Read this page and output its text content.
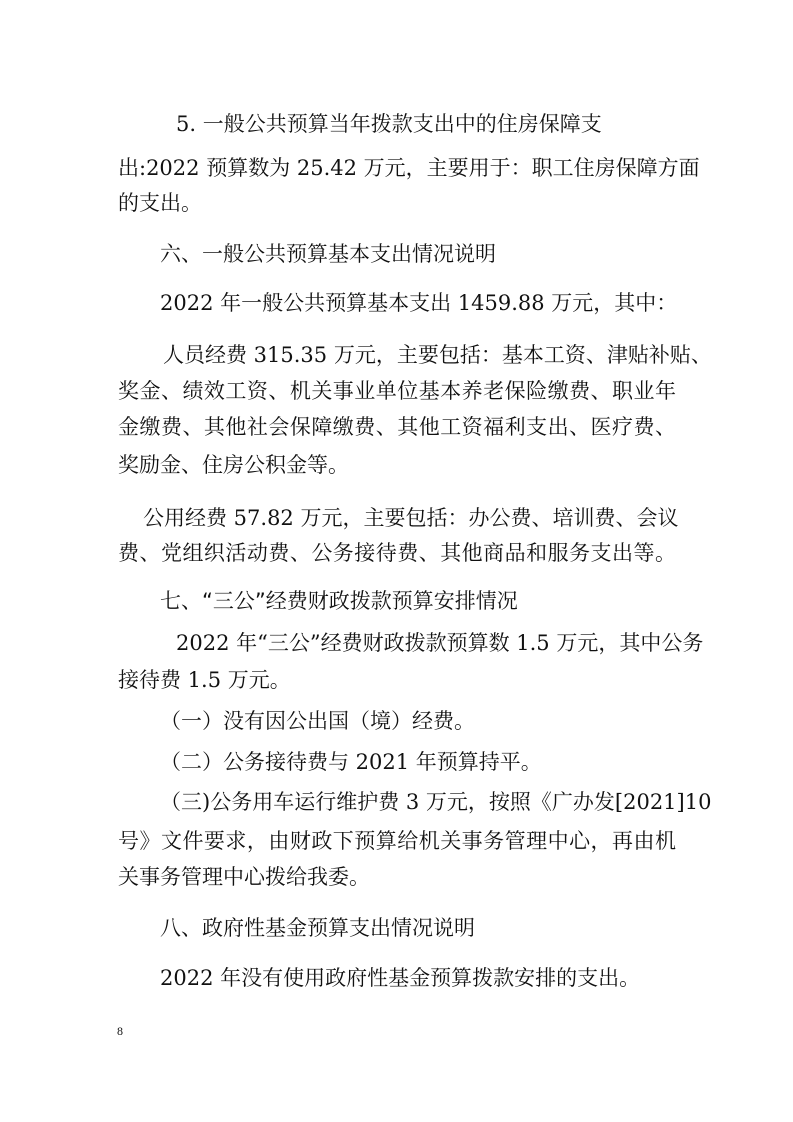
5. 一般公共预算当年拨款支出中的住房保障支
出:2022 预算数为 25.42 万元，主要用于：职工住房保障方面
的支出。
六、一般公共预算基本支出情况说明
2022 年一般公共预算基本支出 1459.88 万元，其中：
人员经费 315.35 万元，主要包括：基本工资、津贴补贴、
奖金、绩效工资、机关事业单位基本养老保险缴费、职业年
金缴费、其他社会保障缴费、其他工资福利支出、医疗费、
奖励金、住房公积金等。
公用经费 57.82 万元，主要包括：办公费、培训费、会议
费、党组织活动费、公务接待费、其他商品和服务支出等。
七、“三公”经费财政拨款预算安排情况
2022 年“三公”经费财政拨款预算数 1.5 万元，其中公务
接待费 1.5 万元。
（一）没有因公出国（境）经费。
（二）公务接待费与 2021 年预算持平。
（三)公务用车运行维护费 3 万元，按照《广办发[2021]10
号》文件要求，由财政下预算给机关事务管理中心，再由机
关事务管理中心拨给我委。
八、政府性基金预算支出情况说明
2022 年没有使用政府性基金预算拨款安排的支出。
8
